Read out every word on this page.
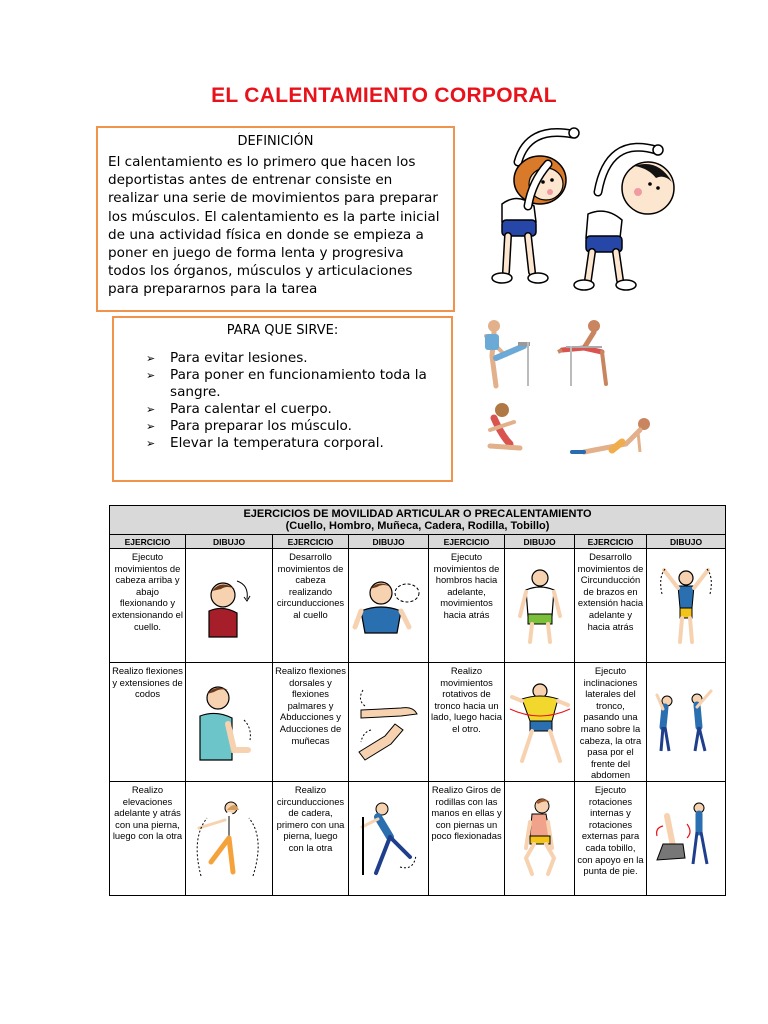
EL CALENTAMIENTO CORPORAL
DEFINICIÓN
El calentamiento es lo primero que hacen los deportistas antes de entrenar consiste en realizar una serie de movimientos para preparar los músculos. El calentamiento es la parte inicial de una actividad física en donde se empieza a poner en juego de forma lenta y progresiva todos los órganos, músculos y articulaciones para prepararnos para la tarea
PARA QUE SIRVE:
➢ Para evitar lesiones.
➢ Para poner en funcionamiento toda la sangre.
➢ Para calentar el cuerpo.
➢ Para preparar los músculo.
➢ Elevar la temperatura corporal.
EJERCICIOS DE MOVILIDAD ARTICULAR O PRECALENTAMIENTO
(Cuello, Hombro, Muñeca, Cadera, Rodilla, Tobillo)							

EJERCICIO	DIBUJO	EJERCICIO	DIBUJO	EJERCICIO	DIBUJO	EJERCICIO	DIBUJO
Ejecuto movimientos de cabeza arriba y abajo flexionando y extensionando el cuello.		Desarrollo movimientos de cabeza realizando circunducciones al cuello		Ejecuto movimientos de hombros hacia adelante, movimientos hacia atrás		Desarrollo movimientos de Circunducción de brazos en extensión hacia adelante y hacia atrás	

Realizo flexiones y extensiones de codos		Realizo flexiones dorsales y flexiones palmares y Abducciones y Aducciones de muñecas		Realizo movimientos rotativos de tronco hacia un lado, luego hacia el otro.		Ejecuto inclinaciones laterales del tronco, pasando una mano sobre la cabeza, la otra pasa por el frente del abdomen	

Realizo elevaciones adelante y atrás con una pierna, luego con la otra		Realizo circunducciones de cadera, primero con una pierna, luego con la otra		Realizo Giros de rodillas con las manos en ellas y con piernas un poco flexionadas		Ejecuto rotaciones internas y rotaciones externas para cada tobillo, con apoyo en la punta de pie.	
